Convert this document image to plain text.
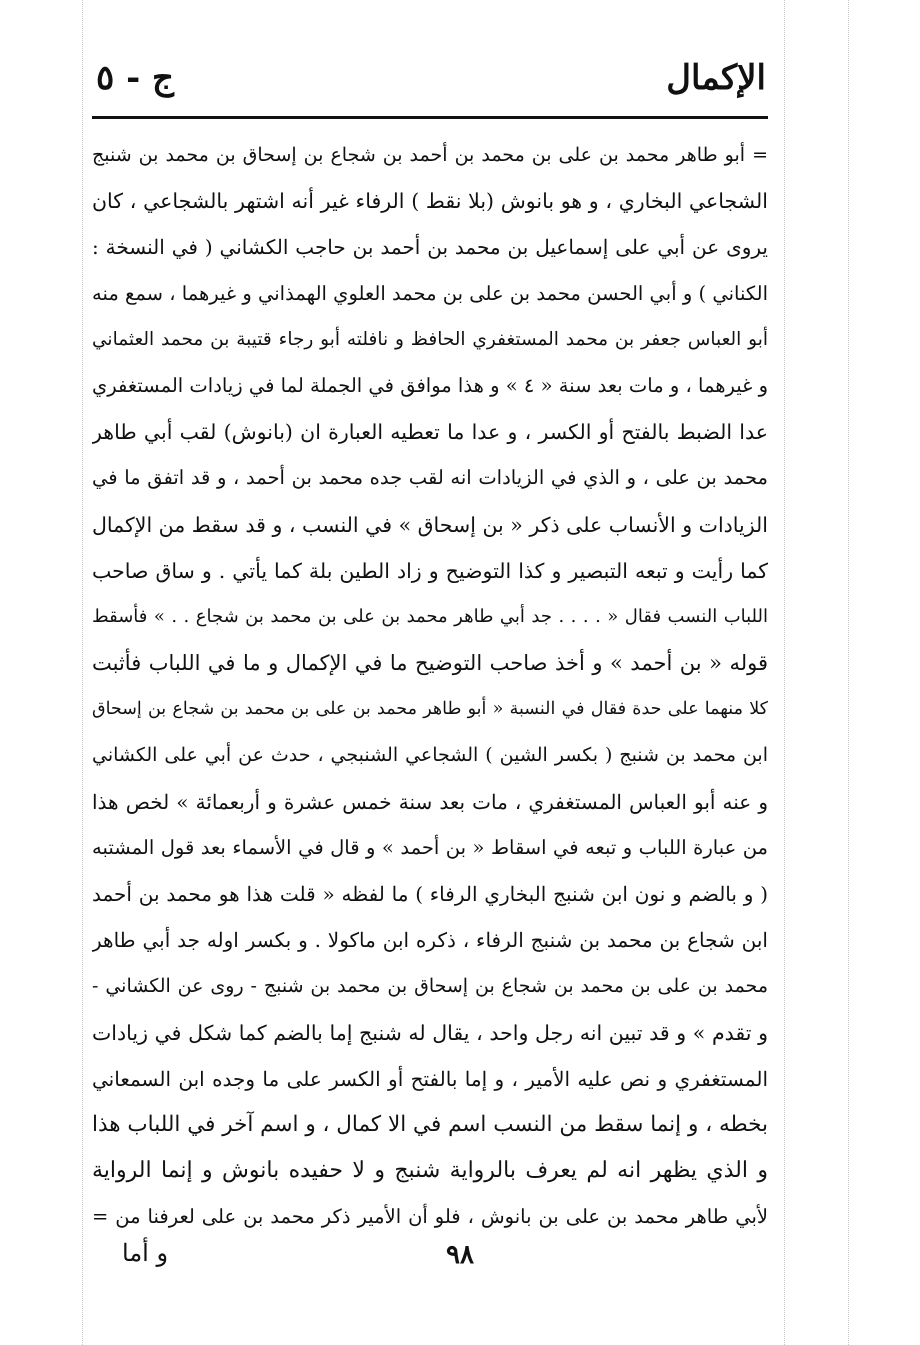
الإكمال
ج - ٥
= أبو طاهر محمد بن على بن محمد بن أحمد بن شجاع بن إسحاق بن محمد بن شنبج
الشجاعي البخاري ، و هو بانوش (بلا نقط ) الرفاء غير أنه اشتهر بالشجاعي ، كان
يروى عن أبي على إسماعيل بن محمد بن أحمد بن حاجب الكشاني ( في النسخة :
الكناني ) و أبي الحسن محمد بن على بن محمد العلوي الهمذاني و غيرهما ، سمع منه
أبو العباس جعفر بن محمد المستغفري الحافظ و نافلته أبو رجاء قتيبة بن محمد العثماني
و غيرهما ، و مات بعد سنة « ٤ » و هذا موافق في الجملة لما في زيادات المستغفري
عدا الضبط بالفتح أو الكسر ، و عدا ما تعطيه العبارة ان (بانوش) لقب أبي طاهر
محمد بن على ، و الذي في الزيادات انه لقب جده محمد بن أحمد ، و قد اتفق ما في
الزيادات و الأنساب على ذكر « بن إسحاق » في النسب ، و قد سقط من الإكمال
كما رأيت و تبعه التبصير و كذا التوضيح و زاد الطين بلة كما يأتي . و ساق صاحب
اللباب النسب فقال « . . . . جد أبي طاهر محمد بن على بن محمد بن شجاع . . » فأسقط
قوله « بن أحمد » و أخذ صاحب التوضيح ما في الإكمال و ما في اللباب فأثبت
كلا منهما على حدة فقال في النسبة « أبو طاهر محمد بن على بن محمد بن شجاع بن إسحاق
ابن محمد بن شنبج ( بكسر الشين ) الشجاعي الشنبجي ، حدث عن أبي على الكشاني
و عنه أبو العباس المستغفري ، مات بعد سنة خمس عشرة و أربعمائة » لخص هذا
من عبارة اللباب و تبعه في اسقاط « بن أحمد » و قال في الأسماء بعد قول المشتبه
( و بالضم و نون ابن شنبج البخاري الرفاء ) ما لفظه « قلت هذا هو محمد بن أحمد
ابن شجاع بن محمد بن شنبج الرفاء ، ذكره ابن ماكولا . و بكسر اوله جد أبي طاهر
محمد بن على بن محمد بن شجاع بن إسحاق بن محمد بن شنبج - روى عن الكشاني -
و تقدم » و قد تبين انه رجل واحد ، يقال له شنبج إما بالضم كما شكل في زيادات
المستغفري و نص عليه الأمير ، و إما بالفتح أو الكسر على ما وجده ابن السمعاني
بخطه ، و إنما سقط من النسب اسم في الا كمال ، و اسم آخر في اللباب هذا
و الذي يظهر انه لم يعرف بالرواية شنبج و لا حفيده بانوش و إنما الرواية
لأبي طاهر محمد بن على بن بانوش ، فلو أن الأمير ذكر محمد بن على لعرفنا من =
٩٨
و أما
